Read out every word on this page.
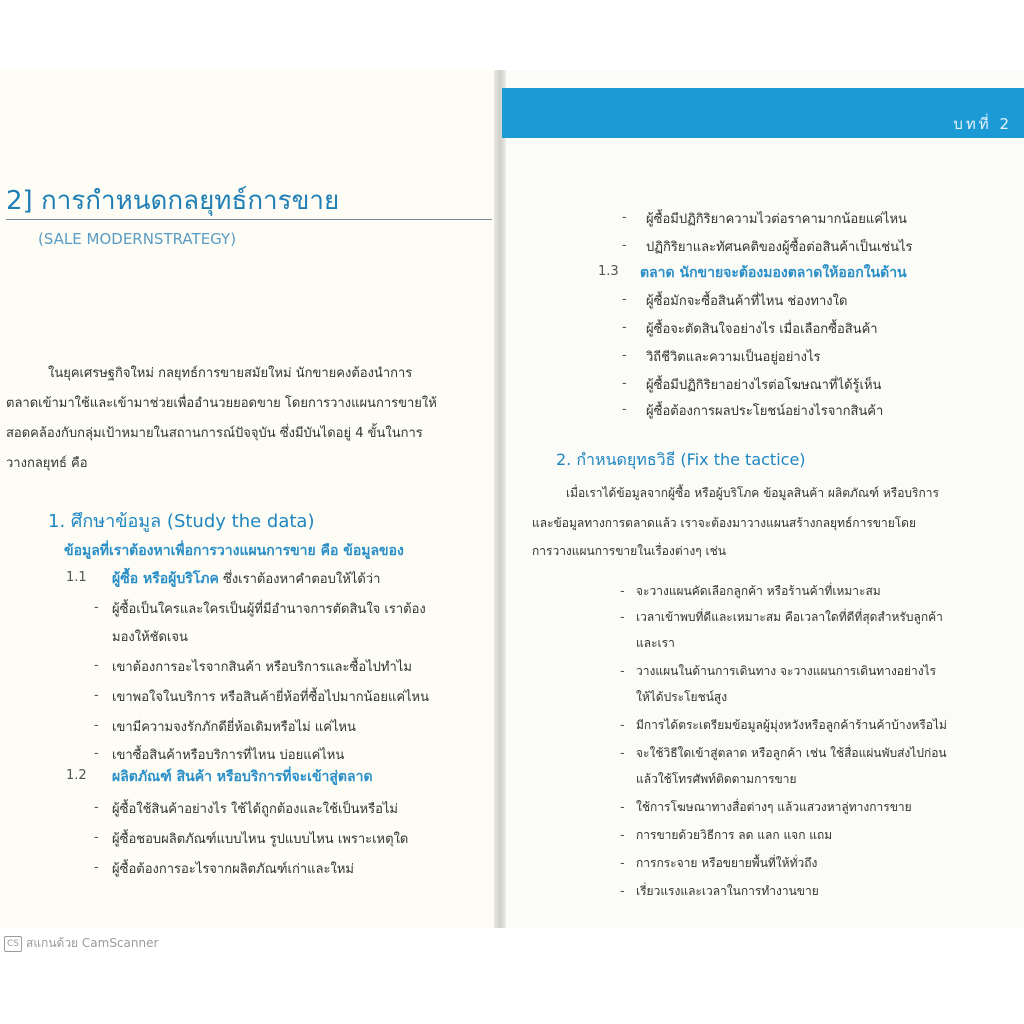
บทที่ 2
2] การกำหนดกลยุทธ์การขาย
(SALE MODERNSTRATEGY)
ในยุคเศรษฐกิจใหม่ กลยุทธ์การขายสมัยใหม่ นักขายคงต้องนำการ
ตลาดเข้ามาใช้และเข้ามาช่วยเพื่ออำนวยยอดขาย โดยการวางแผนการขายให้
สอดคล้องกับกลุ่มเป้าหมายในสถานการณ์ปัจจุบัน ซึ่งมีบันไดอยู่ 4 ขั้นในการ
วางกลยุทธ์ คือ
1. ศึกษาข้อมูล (Study the data)
ข้อมูลที่เราต้องหาเพื่อการวางแผนการขาย คือ ข้อมูลของ
1.1 ผู้ซื้อ หรือผู้บริโภค ซึ่งเราต้องหาคำตอบให้ได้ว่า
- ผู้ซื้อเป็นใครและใครเป็นผู้ที่มีอำนาจการตัดสินใจ เราต้อง
มองให้ชัดเจน
- เขาต้องการอะไรจากสินค้า หรือบริการและซื้อไปทำไม
- เขาพอใจในบริการ หรือสินค้ายี่ห้อที่ซื้อไปมากน้อยแค่ไหน
- เขามีความจงรักภักดียี่ห้อเดิมหรือไม่ แค่ไหน
- เขาซื้อสินค้าหรือบริการที่ไหน บ่อยแค่ไหน
1.2 ผลิตภัณฑ์ สินค้า หรือบริการที่จะเข้าสู่ตลาด
- ผู้ซื้อใช้สินค้าอย่างไร ใช้ได้ถูกต้องและใช้เป็นหรือไม่
- ผู้ซื้อชอบผลิตภัณฑ์แบบไหน รูปแบบไหน เพราะเหตุใด
- ผู้ซื้อต้องการอะไรจากผลิตภัณฑ์เก่าและใหม่
- ผู้ซื้อมีปฏิกิริยาความไวต่อราคามากน้อยแค่ไหน
- ปฏิกิริยาและทัศนคติของผู้ซื้อต่อสินค้าเป็นเช่นไร
1.3 ตลาด นักขายจะต้องมองตลาดให้ออกในด้าน
- ผู้ซื้อมักจะซื้อสินค้าที่ไหน ช่องทางใด
- ผู้ซื้อจะตัดสินใจอย่างไร เมื่อเลือกซื้อสินค้า
- วิถีชีวิตและความเป็นอยู่อย่างไร
- ผู้ซื้อมีปฏิกิริยาอย่างไรต่อโฆษณาที่ได้รู้เห็น
- ผู้ซื้อต้องการผลประโยชน์อย่างไรจากสินค้า
2. กำหนดยุทธวิธี (Fix the tactice)
เมื่อเราได้ข้อมูลจากผู้ซื้อ หรือผู้บริโภค ข้อมูลสินค้า ผลิตภัณฑ์ หรือบริการ
และข้อมูลทางการตลาดแล้ว เราจะต้องมาวางแผนสร้างกลยุทธ์การขายโดย
การวางแผนการขายในเรื่องต่างๆ เช่น
- จะวางแผนคัดเลือกลูกค้า หรือร้านค้าที่เหมาะสม
- เวลาเข้าพบที่ดีและเหมาะสม คือเวลาใดที่ดีที่สุดสำหรับลูกค้า
และเรา
- วางแผนในด้านการเดินทาง จะวางแผนการเดินทางอย่างไร
ให้ได้ประโยชน์สูง
- มีการได้ตระเตรียมข้อมูลผู้มุ่งหวังหรือลูกค้าร้านค้าบ้างหรือไม่
- จะใช้วิธีใดเข้าสู่ตลาด หรือลูกค้า เช่น ใช้สื่อแผ่นพับส่งไปก่อน
แล้วใช้โทรศัพท์ติดตามการขาย
- ใช้การโฆษณาทางสื่อต่างๆ แล้วแสวงหาลู่ทางการขาย
- การขายด้วยวิธีการ ลด แลก แจก แถม
- การกระจาย หรือขยายพื้นที่ให้ทั่วถึง
- เรี่ยวแรงและเวลาในการทำงานขาย
CS สแกนด้วย CamScanner
